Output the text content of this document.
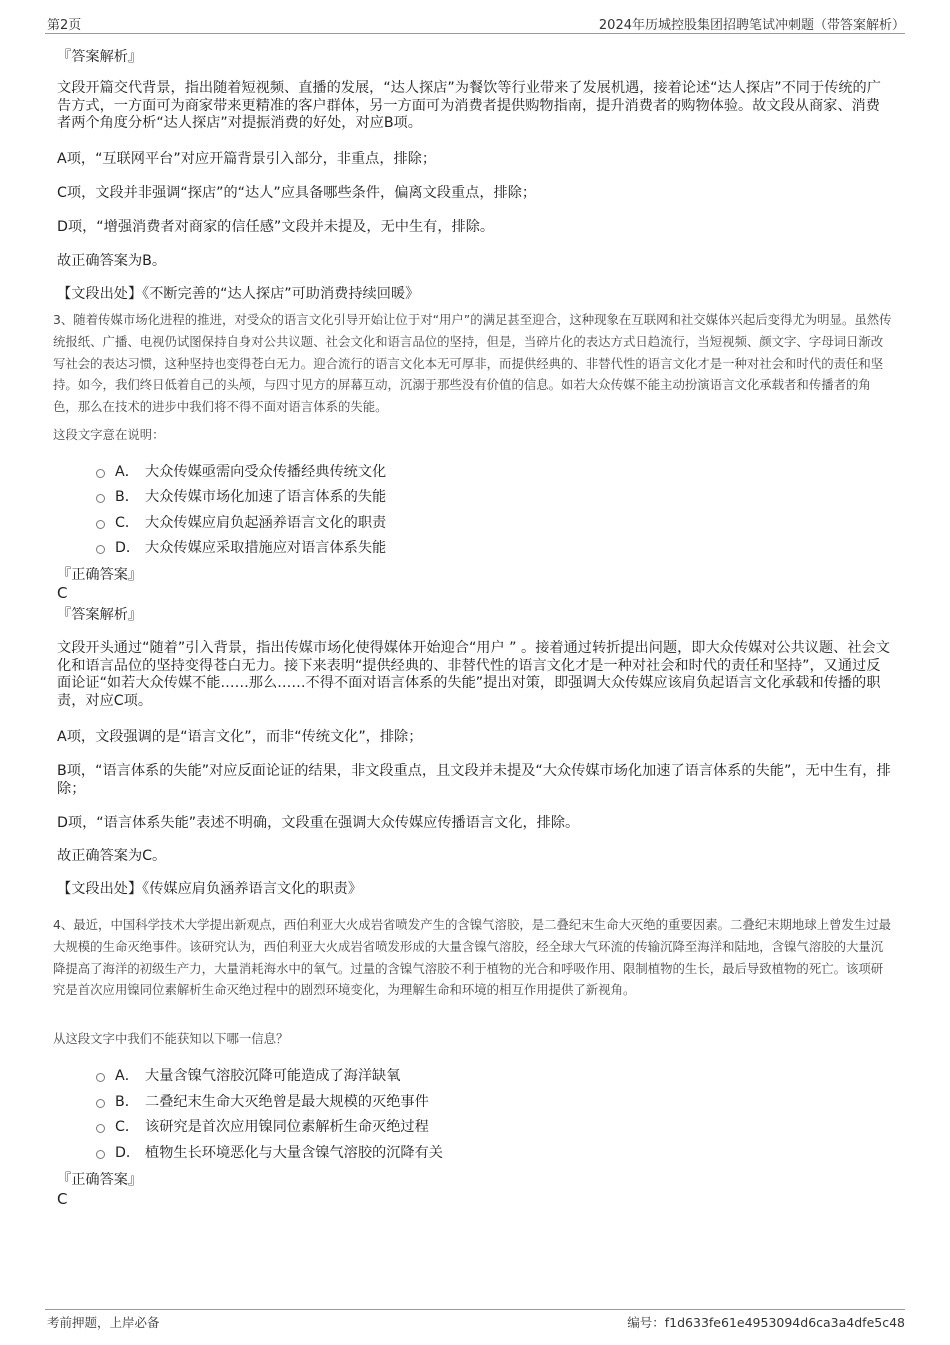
第2页	2024年历城控股集团招聘笔试冲刺题（带答案解析）
『答案解析』
文段开篇交代背景，指出随着短视频、直播的发展，“达人探店”为餐饮等行业带来了发展机遇，接着论述“达人探店”不同于传统的广告方式，一方面可为商家带来更精准的客户群体，另一方面可为消费者提供购物指南，提升消费者的购物体验。故文段从商家、消费者两个角度分析“达人探店”对提振消费的好处，对应B项。
A项，“互联网平台”对应开篇背景引入部分，非重点，排除；
C项，文段并非强调“探店”的“达人”应具备哪些条件，偏离文段重点，排除；
D项，“增强消费者对商家的信任感”文段并未提及，无中生有，排除。
故正确答案为B。
【文段出处】《不断完善的“达人探店”可助消费持续回暖》
3、随着传媒市场化进程的推进，对受众的语言文化引导开始让位于对“用户”的满足甚至迎合，这种现象在互联网和社交媒体兴起后变得尤为明显。虽然传统报纸、广播、电视仍试图保持自身对公共议题、社会文化和语言品位的坚持，但是，当碎片化的表达方式日趋流行，当短视频、颜文字、字母词日渐改写社会的表达习惯，这种坚持也变得苍白无力。迎合流行的语言文化本无可厚非，而提供经典的、非替代性的语言文化才是一种对社会和时代的责任和坚持。如今，我们终日低着自己的头颅，与四寸见方的屏幕互动，沉溺于那些没有价值的信息。如若大众传媒不能主动扮演语言文化承载者和传播者的角色，那么在技术的进步中我们将不得不面对语言体系的失能。
这段文字意在说明：
A． 大众传媒亟需向受众传播经典传统文化
B． 大众传媒市场化加速了语言体系的失能
C． 大众传媒应肩负起涵养语言文化的职责
D． 大众传媒应采取措施应对语言体系失能
『正确答案』
C
『答案解析』
文段开头通过“随着”引入背景，指出传媒市场化使得媒体开始迎合“用户 ” 。接着通过转折提出问题，即大众传媒对公共议题、社会文化和语言品位的坚持变得苍白无力。接下来表明“提供经典的、非替代性的语言文化才是一种对社会和时代的责任和坚持”，又通过反面论证“如若大众传媒不能……那么……不得不面对语言体系的失能”提出对策，即强调大众传媒应该肩负起语言文化承载和传播的职责，对应C项。
A项，文段强调的是“语言文化”，而非“传统文化”，排除；
B项，“语言体系的失能”对应反面论证的结果，非文段重点，且文段并未提及“大众传媒市场化加速了语言体系的失能”，无中生有，排除；
D项，“语言体系失能”表述不明确，文段重在强调大众传媒应传播语言文化，排除。
故正确答案为C。
【文段出处】《传媒应肩负涵养语言文化的职责》
4、最近，中国科学技术大学提出新观点，西伯利亚大火成岩省喷发产生的含镍气溶胶，是二叠纪末生命大灭绝的重要因素。二叠纪末期地球上曾发生过最大规模的生命灭绝事件。该研究认为，西伯利亚大火成岩省喷发形成的大量含镍气溶胶，经全球大气环流的传输沉降至海洋和陆地，含镍气溶胶的大量沉降提高了海洋的初级生产力，大量消耗海水中的氧气。过量的含镍气溶胶不利于植物的光合和呼吸作用、限制植物的生长，最后导致植物的死亡。该项研究是首次应用镍同位素解析生命灭绝过程中的剧烈环境变化，为理解生命和环境的相互作用提供了新视角。
从这段文字中我们不能获知以下哪一信息？
A． 大量含镍气溶胶沉降可能造成了海洋缺氧
B． 二叠纪末生命大灭绝曾是最大规模的灭绝事件
C． 该研究是首次应用镍同位素解析生命灭绝过程
D． 植物生长环境恶化与大量含镍气溶胶的沉降有关
『正确答案』
C
考前押题，上岸必备	编号：f1d633fe61e4953094d6ca3a4dfe5c48
